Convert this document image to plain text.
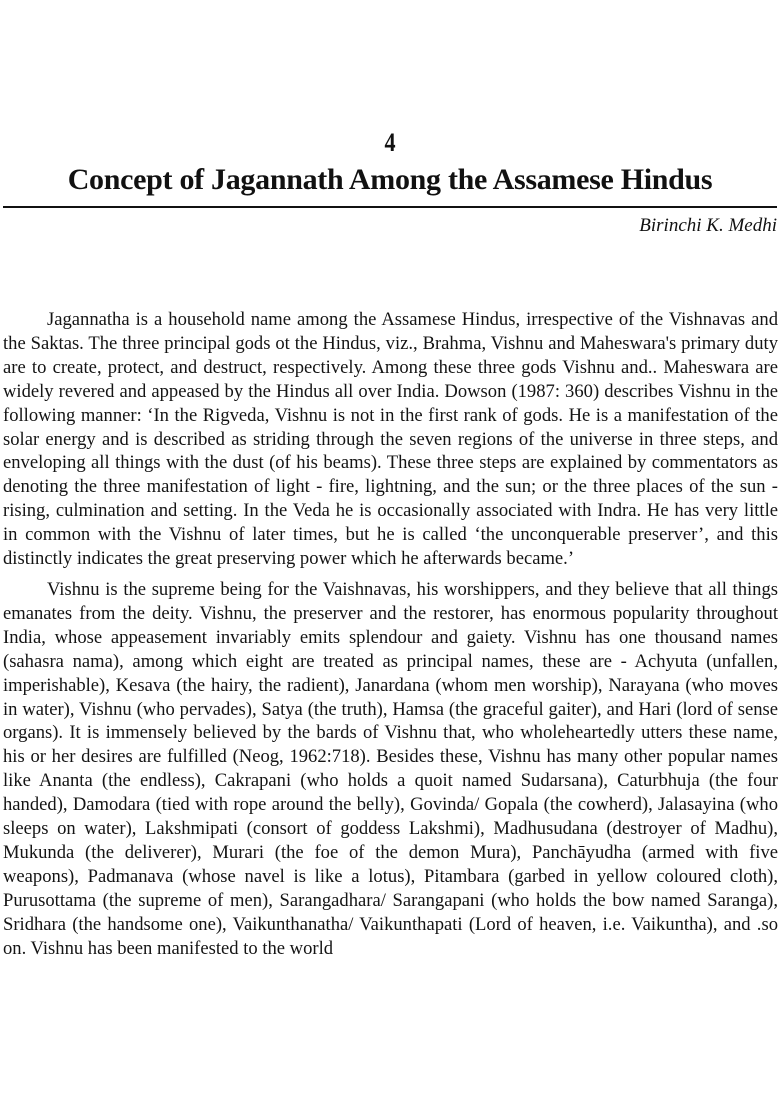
4
Concept of Jagannath Among the Assamese Hindus
Birinchi K. Medhi

Jagannatha is a household name among the Assamese Hindus, irrespective of the Vishnavas and the Saktas. The three principal gods ot the Hindus, viz., Brahma, Vishnu and Maheswara's primary duty are to create, protect, and destruct, respectively. Among these three gods Vishnu and.. Maheswara are widely revered and appeased by the Hindus all over India. Dowson (1987: 360) describes Vishnu in the following manner: ‘In the Rigveda, Vishnu is not in the first rank of gods. He is a manifestation of the solar energy and is described as striding through the seven regions of the universe in three steps, and enveloping all things with the dust (of his beams). These three steps are explained by commentators as denoting the three manifestation of light - fire, lightning, and the sun; or the three places of the sun - rising, culmination and setting. In the Veda he is occasionally associated with Indra. He has very little in common with the Vishnu of later times, but he is called ‘the unconquerable preserver’, and this distinctly indicates the great preserving power which he afterwards became.’

Vishnu is the supreme being for the Vaishnavas, his worshippers, and they believe that all things emanates from the deity. Vishnu, the preserver and the restorer, has enormous popularity throughout India, whose appeasement invariably emits splendour and gaiety. Vishnu has one thousand names (sahasra nama), among which eight are treated as principal names, these are - Achyuta (unfallen, imperishable), Kesava (the hairy, the radient), Janardana (whom men worship), Narayana (who moves in water), Vishnu (who pervades), Satya (the truth), Hamsa (the graceful gaiter), and Hari (lord of sense organs). It is immensely believed by the bards of Vishnu that, who wholeheartedly utters these name, his or her desires are fulfilled (Neog, 1962:718). Besides these, Vishnu has many other popular names like Ananta (the endless), Cakrapani (who holds a quoit named Sudarsana), Caturbhuja (the four handed), Damodara (tied with rope around the belly), Govinda/ Gopala (the cowherd), Jalasayina (who sleeps on water), Lakshmipati (consort of goddess Lakshmi), Madhusudana (destroyer of Madhu), Mukunda (the deliverer), Murari (the foe of the demon Mura), Panchāyudha (armed with five weapons), Padmanava (whose navel is like a lotus), Pitambara (garbed in yellow coloured cloth), Purusottama (the supreme of men), Sarangadhara/ Sarangapani (who holds the bow named Saranga), Sridhara (the handsome one), Vaikunthanatha/ Vaikunthapati (Lord of heaven, i.e. Vaikuntha), and .so on. Vishnu has been manifested to the world
